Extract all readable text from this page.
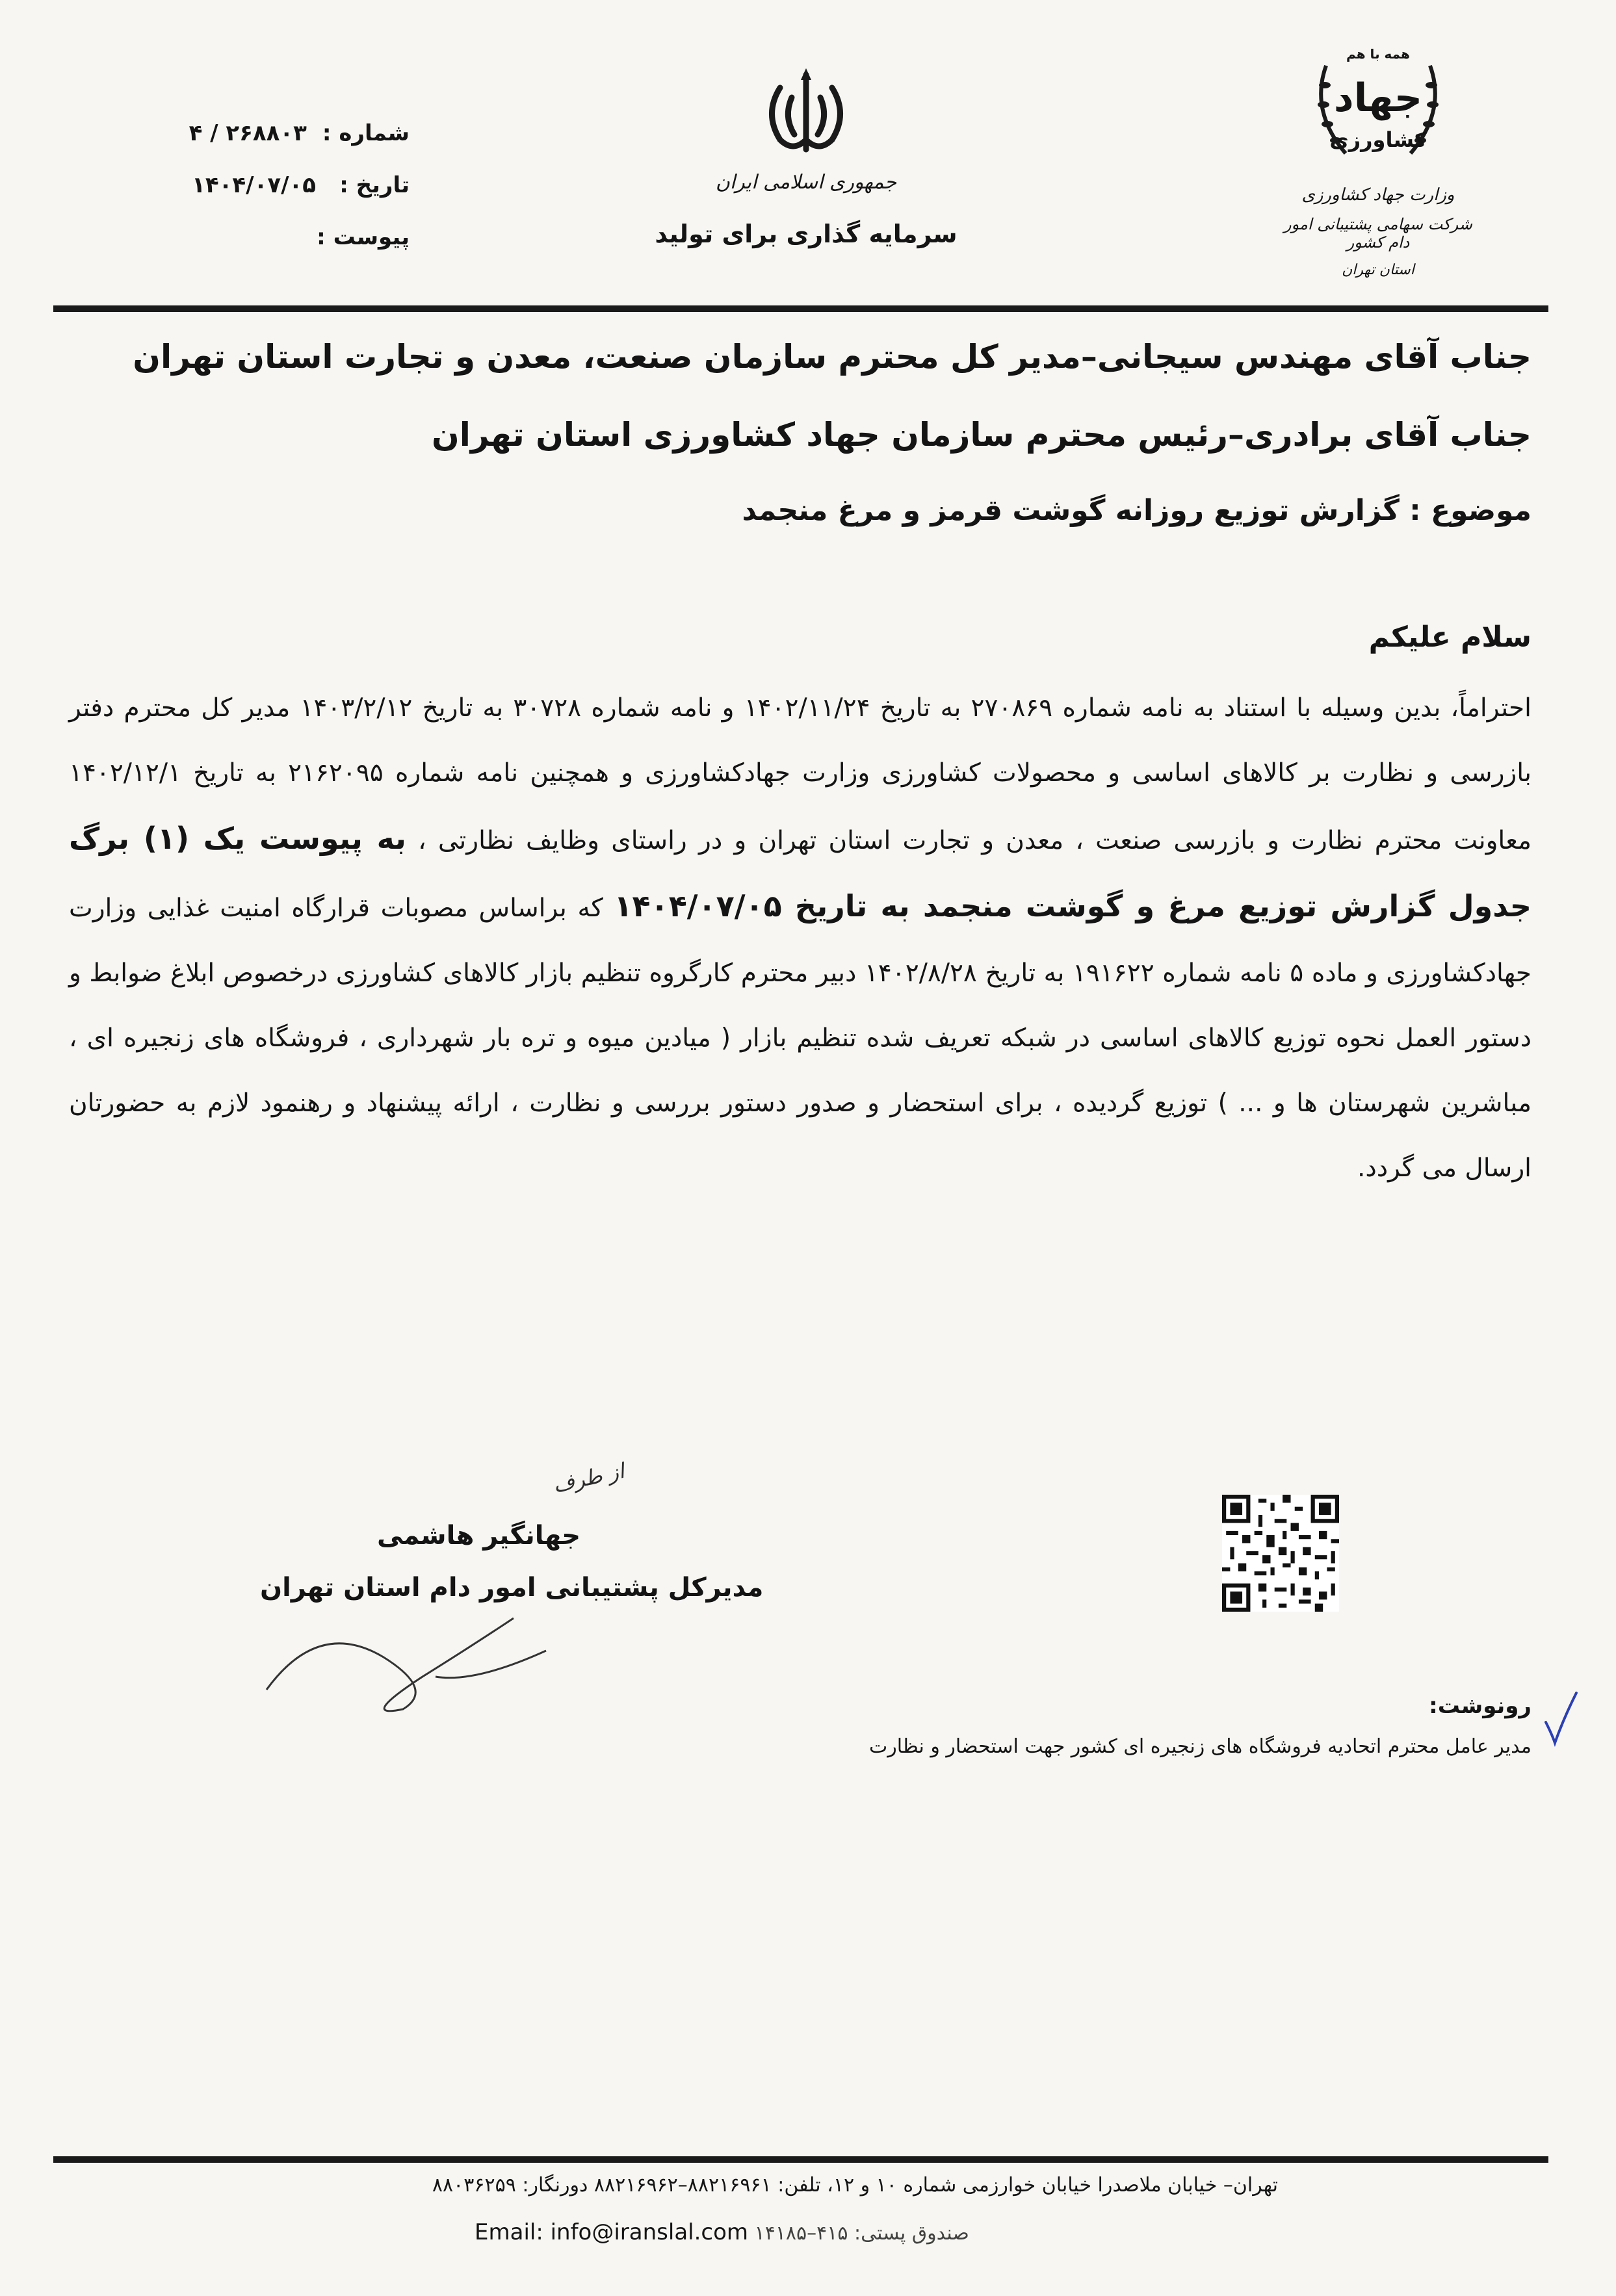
شماره :
۴ / ۲۶۸۸۰۳
تاریخ :
۱۴۰۴/۰۷/۰۵
پیوست :
جمهوری اسلامی ایران
سرمایه گذاری برای تولید
همه با هم
جهاد
کشاورزی
وزارت جهاد کشاورزی
شرکت سهامی پشتیبانی امور دام کشور
استان تهران
جناب آقای مهندس سیجانی–مدیر کل محترم سازمان صنعت، معدن و تجارت استان تهران
جناب آقای برادری–رئیس محترم سازمان جهاد کشاورزی استان تهران
موضوع : گزارش توزیع روزانه گوشت قرمز و مرغ منجمد
سلام علیکم
احتراماً، بدین وسیله با استناد به نامه شماره ۲۷۰۸۶۹ به تاریخ ۱۴۰۲/۱۱/۲۴ و نامه شماره ۳۰۷۲۸ به تاریخ ۱۴۰۳/۲/۱۲ مدیر کل محترم دفتر بازرسی و نظارت بر کالاهای اساسی و محصولات کشاورزی وزارت جهادکشاورزی و همچنین نامه شماره ۲۱۶۲۰۹۵ به تاریخ ۱۴۰۲/۱۲/۱ معاونت محترم نظارت و بازرسی صنعت ، معدن و تجارت استان تهران و در راستای وظایف نظارتی ، به پیوست یک (۱) برگ جدول گزارش توزیع مرغ و گوشت منجمد به تاریخ ۱۴۰۴/۰۷/۰۵ که براساس مصوبات قرارگاه امنیت غذایی وزارت جهادکشاورزی و ماده ۵ نامه شماره ۱۹۱۶۲۲ به تاریخ ۱۴۰۲/۸/۲۸ دبیر محترم کارگروه تنظیم بازار کالاهای کشاورزی درخصوص ابلاغ ضوابط و دستور العمل نحوه توزیع کالاهای اساسی در شبکه تعریف شده تنظیم بازار ( میادین میوه و تره بار شهرداری ، فروشگاه های زنجیره ای ، مباشرین شهرستان ها و ... ) توزیع گردیده ، برای استحضار و صدور دستور بررسی و نظارت ، ارائه پیشنهاد و رهنمود لازم به حضورتان ارسال می گردد.
از طرف
جهانگیر هاشمی
مدیرکل پشتیبانی امور دام استان تهران
رونوشت:
مدیر عامل محترم اتحادیه فروشگاه های زنجیره ای کشور جهت استحضار و نظارت
تهران– خیابان ملاصدرا خیابان خوارزمی شماره ۱۰ و ۱۲، تلفن: ۸۸۲۱۶۹۶۱–۸۸۲۱۶۹۶۲ دورنگار: ۸۸۰۳۶۲۵۹
صندوق پستی: ۴۱۵–۱۴۱۸۵ Email: info@iranslal.com
